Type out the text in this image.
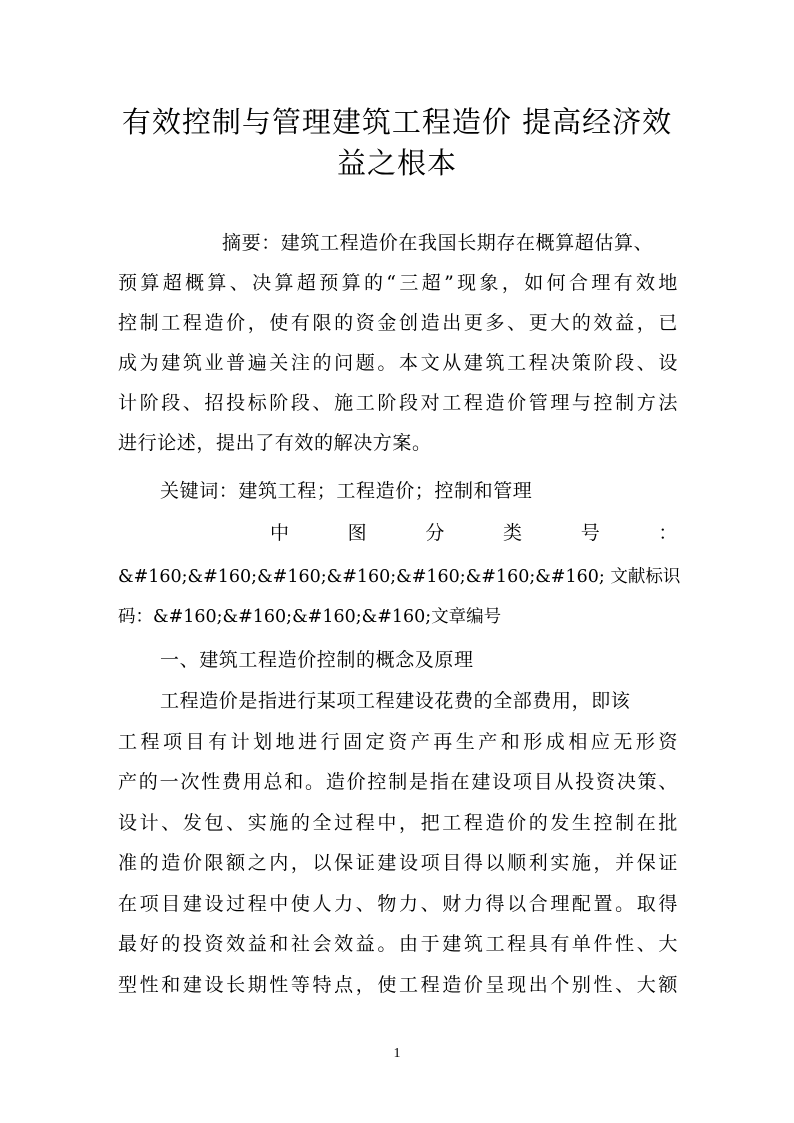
有效控制与管理建筑工程造价 提高经济效
益之根本

摘要：建筑工程造价在我国长期存在概算超估算、

预算超概算、决算超预算的“三超”现象，如何合理有效地

控制工程造价，使有限的资金创造出更多、更大的效益，已

成为建筑业普遍关注的问题。本文从建筑工程决策阶段、设

计阶段、招投标阶段、施工阶段对工程造价管理与控制方法

进行论述，提出了有效的解决方案。

关键词：建筑工程；工程造价；控制和管理

中	图	分	类	号	：

&#160;&#160;&#160;&#160;&#160;&#160;&#160; 文献标识

码：&#160;&#160;&#160;&#160;文章编号

一、建筑工程造价控制的概念及原理

工程造价是指进行某项工程建设花费的全部费用，即该

工程项目有计划地进行固定资产再生产和形成相应无形资

产的一次性费用总和。造价控制是指在建设项目从投资决策、

设计、发包、实施的全过程中，把工程造价的发生控制在批

准的造价限额之内，以保证建设项目得以顺利实施，并保证

在项目建设过程中使人力、物力、财力得以合理配置。取得

最好的投资效益和社会效益。由于建筑工程具有单件性、大

型性和建设长期性等特点，使工程造价呈现出个别性、大额

1
